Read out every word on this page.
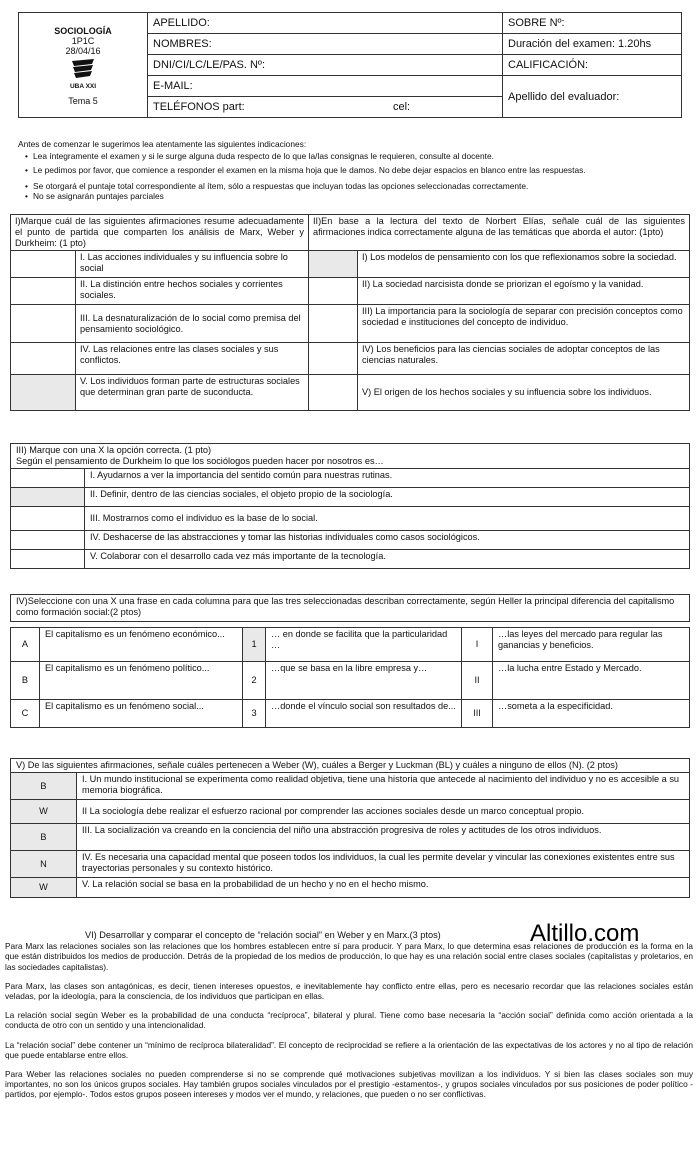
SOCIOLOGÍA
1P1C
28/04/16
UBA XXI
Tema 5	APELLIDO:		SOBRE Nº:
	NOMBRES:		Duración del examen: 1.20hs
	DNI/CI/LC/LE/PAS. Nº:		CALIFICACIÓN:
	E-MAIL:		Apellido del evaluador:
	TELÉFONOS part:	cel:	
Antes de comenzar le sugerimos lea atentamente las siguientes indicaciones:
• Lea íntegramente el examen y si le surge alguna duda respecto de lo que la/las consignas le requieren, consulte al docente.
• Le pedimos por favor, que comience a responder el examen en la misma hoja que le damos. No debe dejar espacios en blanco entre las respuestas.
• Se otorgará el puntaje total correspondiente al ítem, sólo a respuestas que incluyan todas las opciones seleccionadas correctamente.
• No se asignarán puntajes parciales
I)Marque cuál de las siguientes afirmaciones resume adecuadamente el punto de partida que comparten los análisis de Marx, Weber y Durkheim: (1 pto)		II)En base a la lectura del texto de Norbert Elías, señale cuál de las siguientes afirmaciones indica correctamente alguna de las temáticas que aborda el autor: (1pto)	
	I. Las acciones individuales y su influencia sobre lo social		I) Los modelos de pensamiento con los que reflexionamos sobre la sociedad.
	II. La distinción entre hechos sociales y corrientes sociales.		II) La sociedad narcisista donde se priorizan el egoísmo y la vanidad.
	III. La desnaturalización de lo social como premisa del pensamiento sociológico.		III) La importancia para la sociología de separar con precisión conceptos como sociedad e instituciones del concepto de individuo.
	IV. Las relaciones entre las clases sociales y sus conflictos.		IV) Los beneficios para las ciencias sociales de adoptar conceptos de las ciencias naturales.
	V. Los individuos forman parte de estructuras sociales que determinan gran parte de suconducta.		V) El origen de los hechos sociales y su influencia sobre los individuos.
III) Marque con una X la opción correcta. (1 pto)
Según el pensamiento de Durkheim lo que los sociólogos pueden hacer por nosotros es…	

	I. Ayudarnos a ver la importancia del sentido común para nuestras rutinas.
	II. Definir, dentro de las ciencias sociales, el objeto propio de la sociología.
	III. Mostrarnos como el individuo es la base de lo social.
	IV. Deshacerse de las abstracciones y tomar las historias individuales como casos sociológicos.
	V. Colaborar con el desarrollo cada vez más importante de la tecnología.
IV)Seleccione con una X una frase en cada columna para que las tres seleccionadas describan correctamente, según Heller la principal diferencia del capitalismo como formación social:(2 ptos)
A	El capitalismo es un fenómeno económico...	1	… en donde se facilita que la particularidad …	I	…las leyes del mercado para regular las ganancias y beneficios.
B	El capitalismo es un fenómeno político...	2	…que se basa en la libre empresa y…	II	…la lucha entre Estado y Mercado.
C	El capitalismo es un fenómeno social...	3	…donde el vínculo social son resultados de...	III	…someta a la especificidad.
V) De las siguientes afirmaciones, señale cuáles pertenecen a Weber (W), cuáles a Berger y Luckman (BL) y cuáles a ninguno de ellos (N). (2 ptos)	
B	I. Un mundo institucional se experimenta como realidad objetiva, tiene una historia que antecede al nacimiento del individuo y no es accesible a su memoria biográfica.
W	II La sociología debe realizar el esfuerzo racional por comprender las acciones sociales desde un marco conceptual propio.
B	III. La socialización va creando en la conciencia del niño una abstracción progresiva de roles y actitudes de los otros individuos.
N	IV. Es necesaria una capacidad mental que poseen todos los individuos, la cual les permite develar y vincular las conexiones existentes entre sus trayectorias personales y su contexto histórico.
W	V. La relación social se basa en la probabilidad de un hecho y no en el hecho mismo.
Altillo.com
VI) Desarrollar y comparar el concepto de “relación social” en Weber y en Marx.(3 ptos)

Para Marx las relaciones sociales son las relaciones que los hombres establecen entre sí para producir. Y para Marx, lo que determina esas relaciones de producción es la forma en la que están distribuidos los medios de producción. Detrás de la propiedad de los medios de producción, lo que hay es una relación social entre clases sociales (capitalistas y proletarios, en las sociedades capitalistas).

Para Marx, las clases son antagónicas, es decir, tienen intereses opuestos, e inevitablemente hay conflicto entre ellas, pero es necesario recordar que las relaciones sociales están veladas, por la ideología, para la consciencia, de los individuos que participan en ellas.

La relación social según Weber es la probabilidad de una conducta “recíproca”, bilateral y plural. Tiene como base necesaria la “acción social” definida como acción orientada a la conducta de otro con un sentido y una intencionalidad.

La “relación social” debe contener un “mínimo de recíproca bilateralidad”. El concepto de reciprocidad se refiere a la orientación de las expectativas de los actores y no al tipo de relación que puede entablarse entre ellos.

Para Weber las relaciones sociales no pueden comprenderse si no se comprende qué motivaciones subjetivas movilizan a los individuos. Y si bien las clases sociales son muy importantes, no son los únicos grupos sociales. Hay también grupos sociales vinculados por el prestigio -estamentos-, y grupos sociales vinculados por sus posiciones de poder político -partidos, por ejemplo-. Todos estos grupos poseen intereses y modos ver el mundo, y relaciones, que pueden o no ser conflictivas.
